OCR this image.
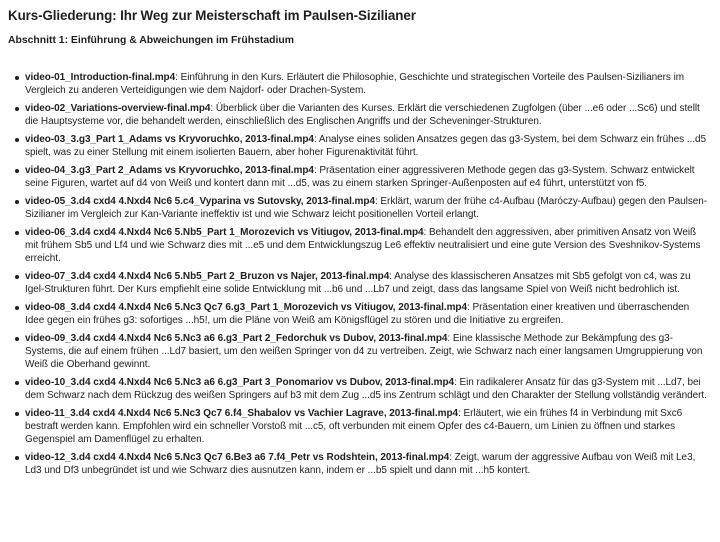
Kurs-Gliederung: Ihr Weg zur Meisterschaft im Paulsen-Sizilianer
Abschnitt 1: Einführung & Abweichungen im Frühstadium
video-01_Introduction-final.mp4: Einführung in den Kurs. Erläutert die Philosophie, Geschichte und strategischen Vorteile des Paulsen-Sizilianers im Vergleich zu anderen Verteidigungen wie dem Najdorf- oder Drachen-System.
video-02_Variations-overview-final.mp4: Überblick über die Varianten des Kurses. Erklärt die verschiedenen Zugfolgen (über ...e6 oder ...Sc6) und stellt die Hauptsysteme vor, die behandelt werden, einschließlich des Englischen Angriffs und der Scheveninger-Strukturen.
video-03_3.g3_Part 1_Adams vs Kryvoruchko, 2013-final.mp4: Analyse eines soliden Ansatzes gegen das g3-System, bei dem Schwarz ein frühes ...d5 spielt, was zu einer Stellung mit einem isolierten Bauern, aber hoher Figurenaktivität führt.
video-04_3.g3_Part 2_Adams vs Kryvoruchko, 2013-final.mp4: Präsentation einer aggressiveren Methode gegen das g3-System. Schwarz entwickelt seine Figuren, wartet auf d4 von Weiß und kontert dann mit ...d5, was zu einem starken Springer-Außenposten auf e4 führt, unterstützt von f5.
video-05_3.d4 cxd4 4.Nxd4 Nc6 5.c4_Vyparina vs Sutovsky, 2013-final.mp4: Erklärt, warum der frühe c4-Aufbau (Maróczy-Aufbau) gegen den Paulsen-Sizilianer im Vergleich zur Kan-Variante ineffektiv ist und wie Schwarz leicht positionellen Vorteil erlangt.
video-06_3.d4 cxd4 4.Nxd4 Nc6 5.Nb5_Part 1_Morozevich vs Vitiugov, 2013-final.mp4: Behandelt den aggressiven, aber primitiven Ansatz von Weiß mit frühem Sb5 und Lf4 und wie Schwarz dies mit ...e5 und dem Entwicklungszug Le6 effektiv neutralisiert und eine gute Version des Sveshnikov-Systems erreicht.
video-07_3.d4 cxd4 4.Nxd4 Nc6 5.Nb5_Part 2_Bruzon vs Najer, 2013-final.mp4: Analyse des klassischeren Ansatzes mit Sb5 gefolgt von c4, was zu Igel-Strukturen führt. Der Kurs empfiehlt eine solide Entwicklung mit ...b6 und ...Lb7 und zeigt, dass das langsame Spiel von Weiß nicht bedrohlich ist.
video-08_3.d4 cxd4 4.Nxd4 Nc6 5.Nc3 Qc7 6.g3_Part 1_Morozevich vs Vitiugov, 2013-final.mp4: Präsentation einer kreativen und überraschenden Idee gegen ein frühes g3: sofortiges ...h5!, um die Pläne von Weiß am Königsflügel zu stören und die Initiative zu ergreifen.
video-09_3.d4 cxd4 4.Nxd4 Nc6 5.Nc3 a6 6.g3_Part 2_Fedorchuk vs Dubov, 2013-final.mp4: Eine klassische Methode zur Bekämpfung des g3-Systems, die auf einem frühen ...Ld7 basiert, um den weißen Springer von d4 zu vertreiben. Zeigt, wie Schwarz nach einer langsamen Umgruppierung von Weiß die Oberhand gewinnt.
video-10_3.d4 cxd4 4.Nxd4 Nc6 5.Nc3 a6 6.g3_Part 3_Ponomariov vs Dubov, 2013-final.mp4: Ein radikalerer Ansatz für das g3-System mit ...Ld7, bei dem Schwarz nach dem Rückzug des weißen Springers auf b3 mit dem Zug ...d5 ins Zentrum schlägt und den Charakter der Stellung vollständig verändert.
video-11_3.d4 cxd4 4.Nxd4 Nc6 5.Nc3 Qc7 6.f4_Shabalov vs Vachier Lagrave, 2013-final.mp4: Erläutert, wie ein frühes f4 in Verbindung mit Sxc6 bestraft werden kann. Empfohlen wird ein schneller Vorstoß mit ...c5, oft verbunden mit einem Opfer des c4-Bauern, um Linien zu öffnen und starkes Gegenspiel am Damenflügel zu erhalten.
video-12_3.d4 cxd4 4.Nxd4 Nc6 5.Nc3 Qc7 6.Be3 a6 7.f4_Petr vs Rodshtein, 2013-final.mp4: Zeigt, warum der aggressive Aufbau von Weiß mit Le3, Ld3 und Df3 unbegründet ist und wie Schwarz dies ausnutzen kann, indem er ...b5 spielt und dann mit ...h5 kontert.
